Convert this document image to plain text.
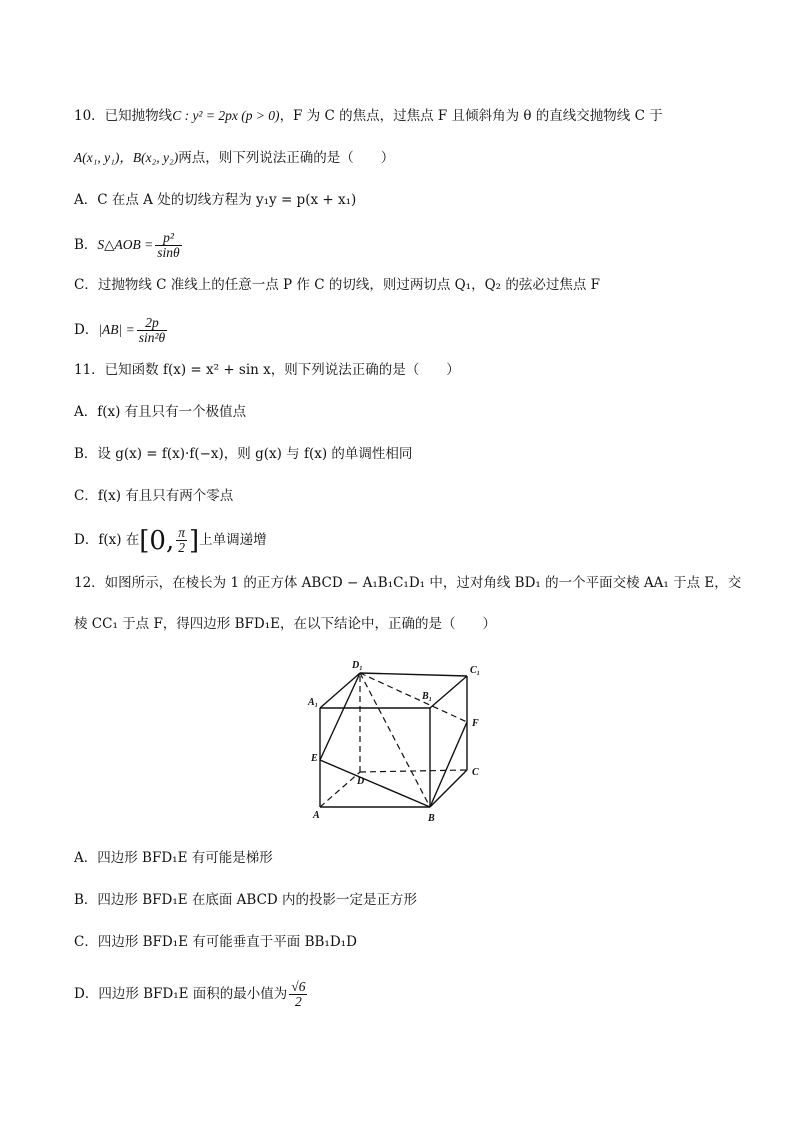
10．已知抛物线C : y² = 2px (p > 0)，F 为 C 的焦点，过焦点 F 且倾斜角为 θ 的直线交抛物线 C 于
A(x₁, y₁)，B(x₂, y₂)两点，则下列说法正确的是（　　）
A．C 在点 A 处的切线方程为 y₁y = p(x + x₁)
B．S△AOB = $\frac{\text{p²}}{\sin\theta}$
C．过抛物线 C 准线上的任意一点 P 作 C 的切线，则过两切点 Q₁，Q₂ 的弦必过焦点 F
D．$|AB| = \frac{2p}{\text{sin²θ}}$
11．已知函数 f(x) = x² + sin x，则下列说法正确的是（　　）
A．f(x) 有且只有一个极值点
B．设 g(x) = f(x)·f(−x)，则 g(x) 与 f(x) 的单调性相同
C．f(x) 有且只有两个零点
D．f(x) 在[0, $\frac{\pi}{2}$ ]上单调递增
12．如图所示，在棱长为 1 的正方体 ABCD − A₁B₁C₁D₁ 中，过对角线 BD₁ 的一个平面交棱 AA₁ 于点 E，交
棱 CC₁ 于点 F，得四边形 BFD₁E，在以下结论中，正确的是（　　）
D₁	C₁
A₁
B₁
F
E
D
C
A	B
A．四边形 BFD₁E 有可能是梯形
B．四边形 BFD₁E 在底面 ABCD 内的投影一定是正方形
C．四边形 BFD₁E 有可能垂直于平面 BB₁D₁D
D．四边形 BFD₁E 面积的最小值为 $\frac{√6}{2}$
